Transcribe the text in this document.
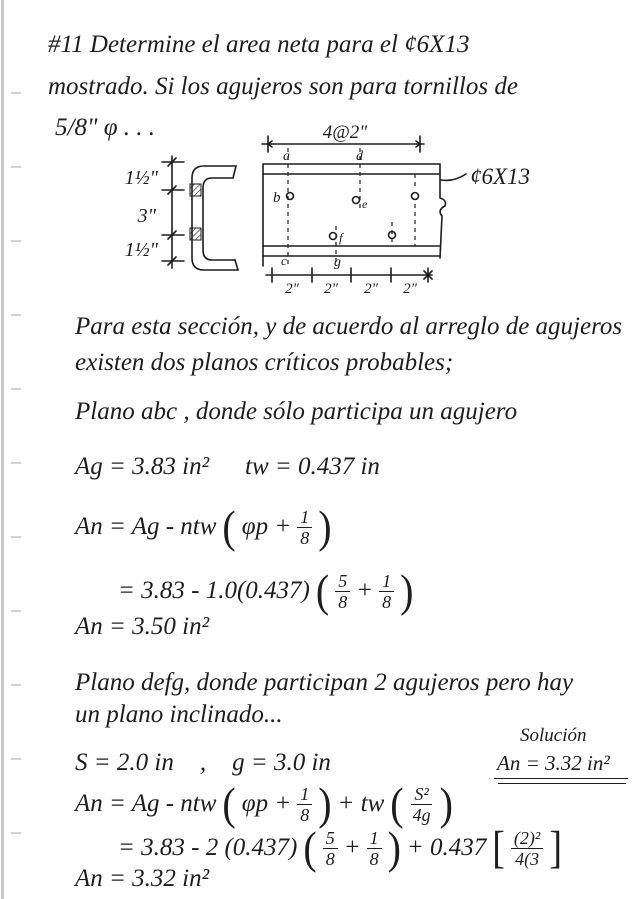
#11 Determine el area neta para el ¢6X13
mostrado. Si los agujeros son para tornillos de
5/8" φ . . .
1½"
3"
1½"
4@2"
a	d
b	e
f
c	g
2" 2" 2" 2"
¢6X13
Para esta sección, y de acuerdo al arreglo de agujeros
existen dos planos críticos probables;
Plano abc , donde sólo participa un agujero
Ag = 3.83 in² tw = 0.437 in
An = Ag - ntw ( $\varphi p + \frac{1}{8}$ )
= 3.83 - 1.0(0.437) ( $\frac{5}{8} + \frac{1}{8}$ )
An = 3.50 in²
Plano defg, donde participan 2 agujeros pero hay
un plano inclinado...
Solución
An = 3.32 in²
S = 2.0 in , g = 3.0 in
An = Ag - ntw ( $\varphi p + \frac{1}{8}$ ) + tw ( $\frac{\text{S²}}{4g}$ )
= 3.83 - 2 (0.437) ( $\frac{5}{8} + \frac{1}{8}$ ) + 0.437 [ $\frac{\text{(2)²}}{4(3}$ ]
An = 3.32 in²
